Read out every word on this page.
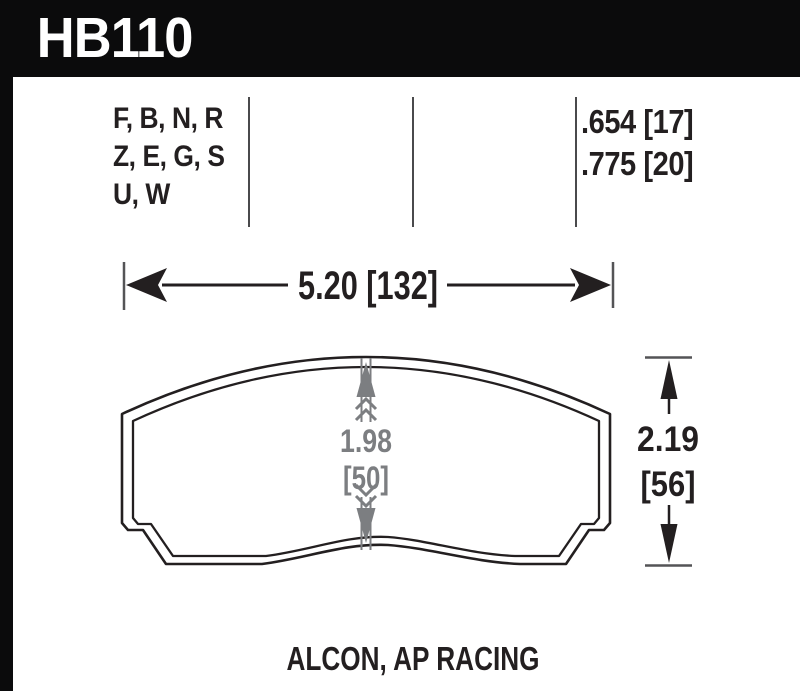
HB110
F, B, N, R
Z, E, G, S
U, W
.654 [17]
.775 [20]
5.20 [132]
1.98
[50]
2.19
[56]
ALCON, AP RACING
